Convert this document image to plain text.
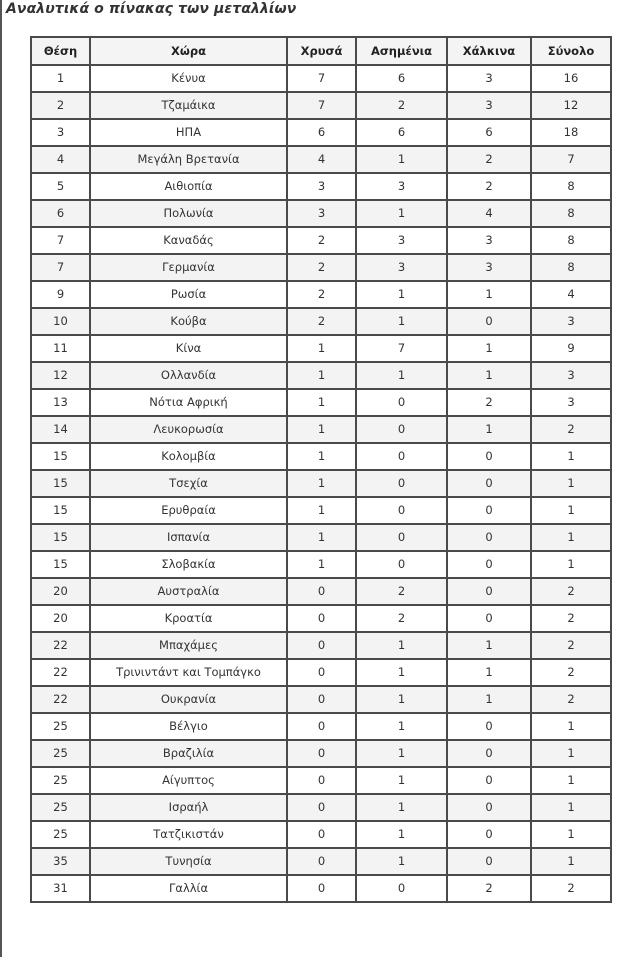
Αναλυτικά ο πίνακας των μεταλλίων
Θέση	Χώρα	Χρυσά	Ασημένια	Χάλκινα	Σύνολο
1	Κένυα	7	6	3	16
2	Τζαμάικα	7	2	3	12
3	ΗΠΑ	6	6	6	18
4	Μεγάλη Βρετανία	4	1	2	7
5	Αιθιοπία	3	3	2	8
6	Πολωνία	3	1	4	8
7	Καναδάς	2	3	3	8
7	Γερμανία	2	3	3	8
9	Ρωσία	2	1	1	4
10	Κούβα	2	1	0	3
11	Κίνα	1	7	1	9
12	Ολλανδία	1	1	1	3
13	Νότια Αφρική	1	0	2	3
14	Λευκορωσία	1	0	1	2
15	Κολομβία	1	0	0	1
15	Τσεχία	1	0	0	1
15	Ερυθραία	1	0	0	1
15	Ισπανία	1	0	0	1
15	Σλοβακία	1	0	0	1
20	Αυστραλία	0	2	0	2
20	Κροατία	0	2	0	2
22	Μπαχάμες	0	1	1	2
22	Τρινιντάντ και Τομπάγκο	0	1	1	2
22	Ουκρανία	0	1	1	2
25	Βέλγιο	0	1	0	1
25	Βραζιλία	0	1	0	1
25	Αίγυπτος	0	1	0	1
25	Ισραήλ	0	1	0	1
25	Τατζικιστάν	0	1	0	1
35	Τυνησία	0	1	0	1
31	Γαλλία	0	0	2	2
